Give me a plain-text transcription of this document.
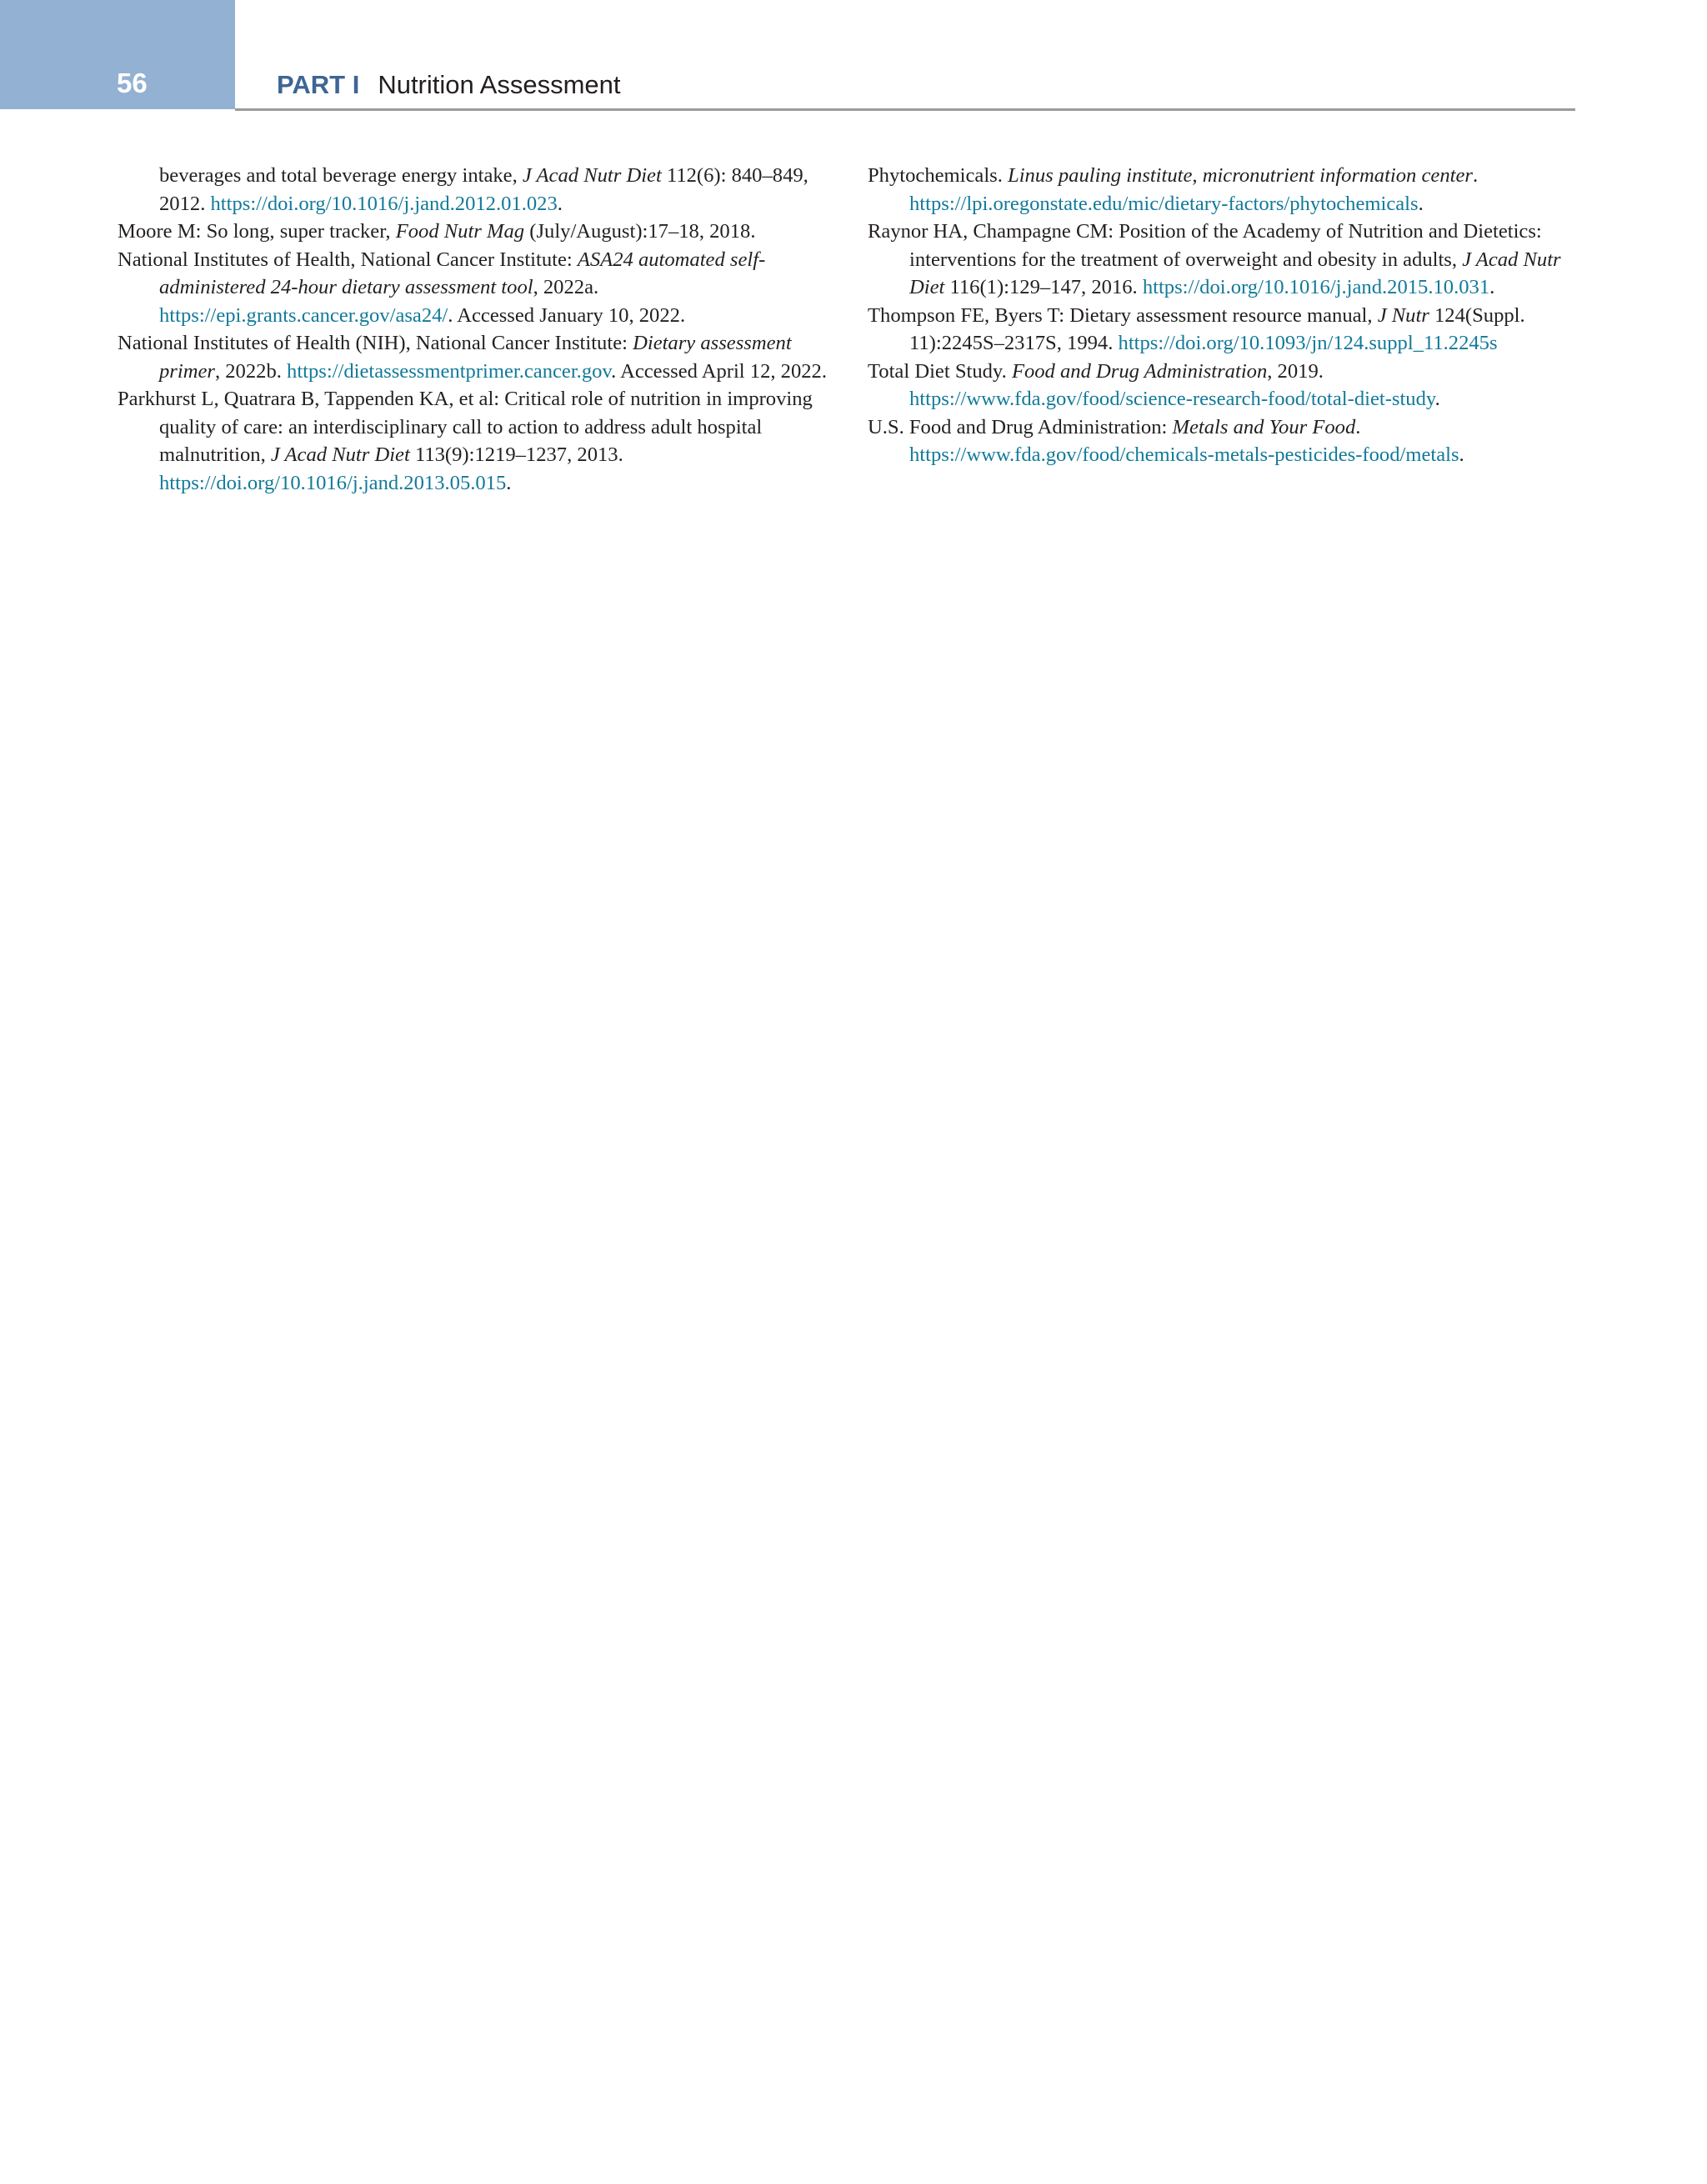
56	PART I Nutrition Assessment

beverages and total beverage energy intake, J Acad Nutr Diet 112(6): 840–849, 2012. https://doi.org/10.1016/j.jand.2012.01.023.

Moore M: So long, super tracker, Food Nutr Mag (July/August):17–18, 2018.

National Institutes of Health, National Cancer Institute: ASA24 automated self-administered 24-hour dietary assessment tool, 2022a. https://epi.grants.cancer.gov/asa24/. Accessed January 10, 2022.

National Institutes of Health (NIH), National Cancer Institute: Dietary assessment primer, 2022b. https://dietassessmentprimer.cancer.gov. Accessed April 12, 2022.

Parkhurst L, Quatrara B, Tappenden KA, et al: Critical role of nutrition in improving quality of care: an interdisciplinary call to action to address adult hospital malnutrition, J Acad Nutr Diet 113(9):1219–1237, 2013. https://doi.org/10.1016/j.jand.2013.05.015.

Phytochemicals. Linus pauling institute, micronutrient information center. https://lpi.oregonstate.edu/mic/dietary-factors/phytochemicals.

Raynor HA, Champagne CM: Position of the Academy of Nutrition and Dietetics: interventions for the treatment of overweight and obesity in adults, J Acad Nutr Diet 116(1):129–147, 2016. https://doi.org/10.1016/j.jand.2015.10.031.

Thompson FE, Byers T: Dietary assessment resource manual, J Nutr 124(Suppl. 11):2245S–2317S, 1994. https://doi.org/10.1093/jn/124.suppl_11.2245s

Total Diet Study. Food and Drug Administration, 2019. https://www.fda.gov/food/science-research-food/total-diet-study.

U.S. Food and Drug Administration: Metals and Your Food. https://www.fda.gov/food/chemicals-metals-pesticides-food/metals.
